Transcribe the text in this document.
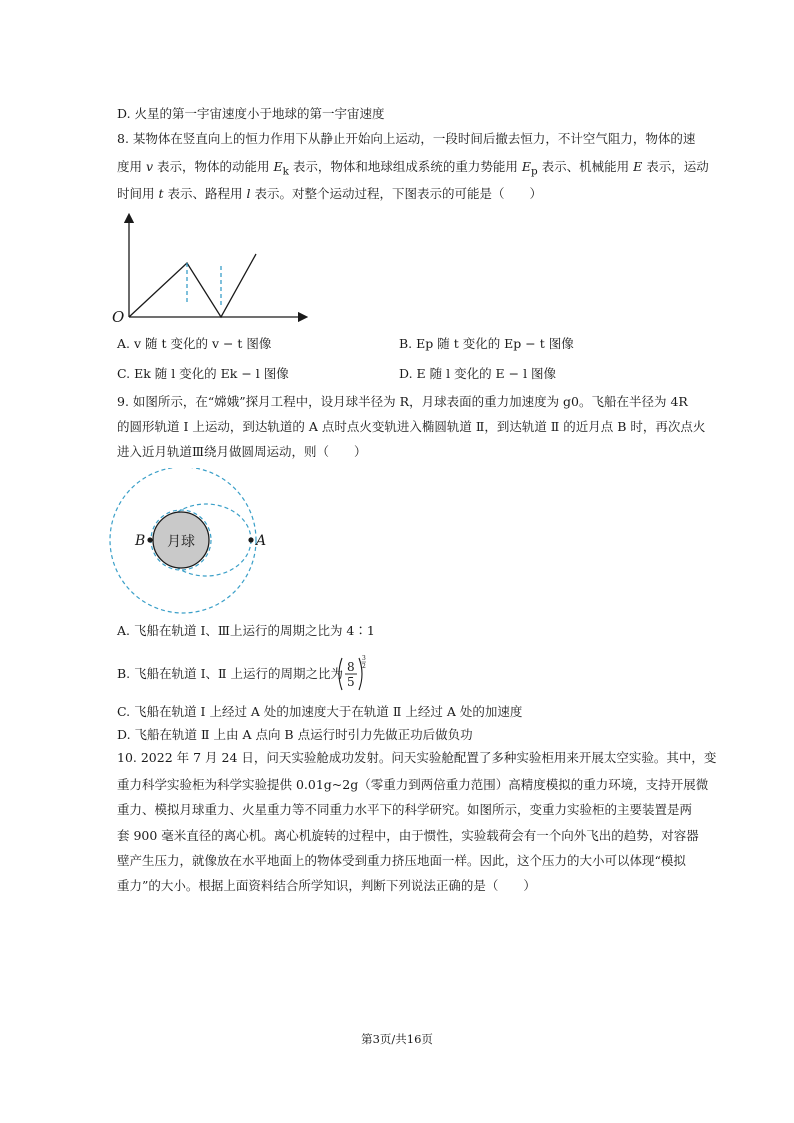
D. 火星的第一宇宙速度小于地球的第一宇宙速度
8. 某物体在竖直向上的恒力作用下从静止开始向上运动，一段时间后撤去恒力，不计空气阻力，物体的速
度用 v 表示，物体的动能用 $E_k$ 表示，物体和地球组成系统的重力势能用 $E_p$ 表示、机械能用 E 表示，运动
时间用 t 表示、路程用 l 表示。对整个运动过程，下图表示的可能是（　　）
O
A. v 随 t 变化的 v − t 图像	B. Ep 随 t 变化的 Ep − t 图像
C. Ek 随 l 变化的 Ek − l 图像	D. E 随 l 变化的 E − l 图像
9. 如图所示，在“嫦娥”探月工程中，设月球半径为 R，月球表面的重力加速度为 g0。飞船在半径为 4R
的圆形轨道 Ⅰ 上运动，到达轨道的 A 点时点火变轨进入椭圆轨道 Ⅱ，到达轨道 Ⅱ 的近月点 B 时，再次点火
进入近月轨道Ⅲ绕月做圆周运动，则（　　）
月球
B	A
A. 飞船在轨道 Ⅰ、Ⅲ上运行的周期之比为 4∶1
B. 飞船在轨道 Ⅰ、Ⅱ 上运行的周期之比为 8
5
3
2
C. 飞船在轨道 Ⅰ 上经过 A 处的加速度大于在轨道 Ⅱ 上经过 A 处的加速度
D. 飞船在轨道 Ⅱ 上由 A 点向 B 点运行时引力先做正功后做负功
10. 2022 年 7 月 24 日，问天实验舱成功发射。问天实验舱配置了多种实验柜用来开展太空实验。其中，变
重力科学实验柜为科学实验提供 0.01g~2g（零重力到两倍重力范围）高精度模拟的重力环境，支持开展微
重力、模拟月球重力、火星重力等不同重力水平下的科学研究。如图所示，变重力实验柜的主要装置是两
套 900 毫米直径的离心机。离心机旋转的过程中，由于惯性，实验载荷会有一个向外飞出的趋势，对容器
壁产生压力，就像放在水平地面上的物体受到重力挤压地面一样。因此，这个压力的大小可以体现“模拟
重力”的大小。根据上面资料结合所学知识，判断下列说法正确的是（　　）
第3页/共16页
